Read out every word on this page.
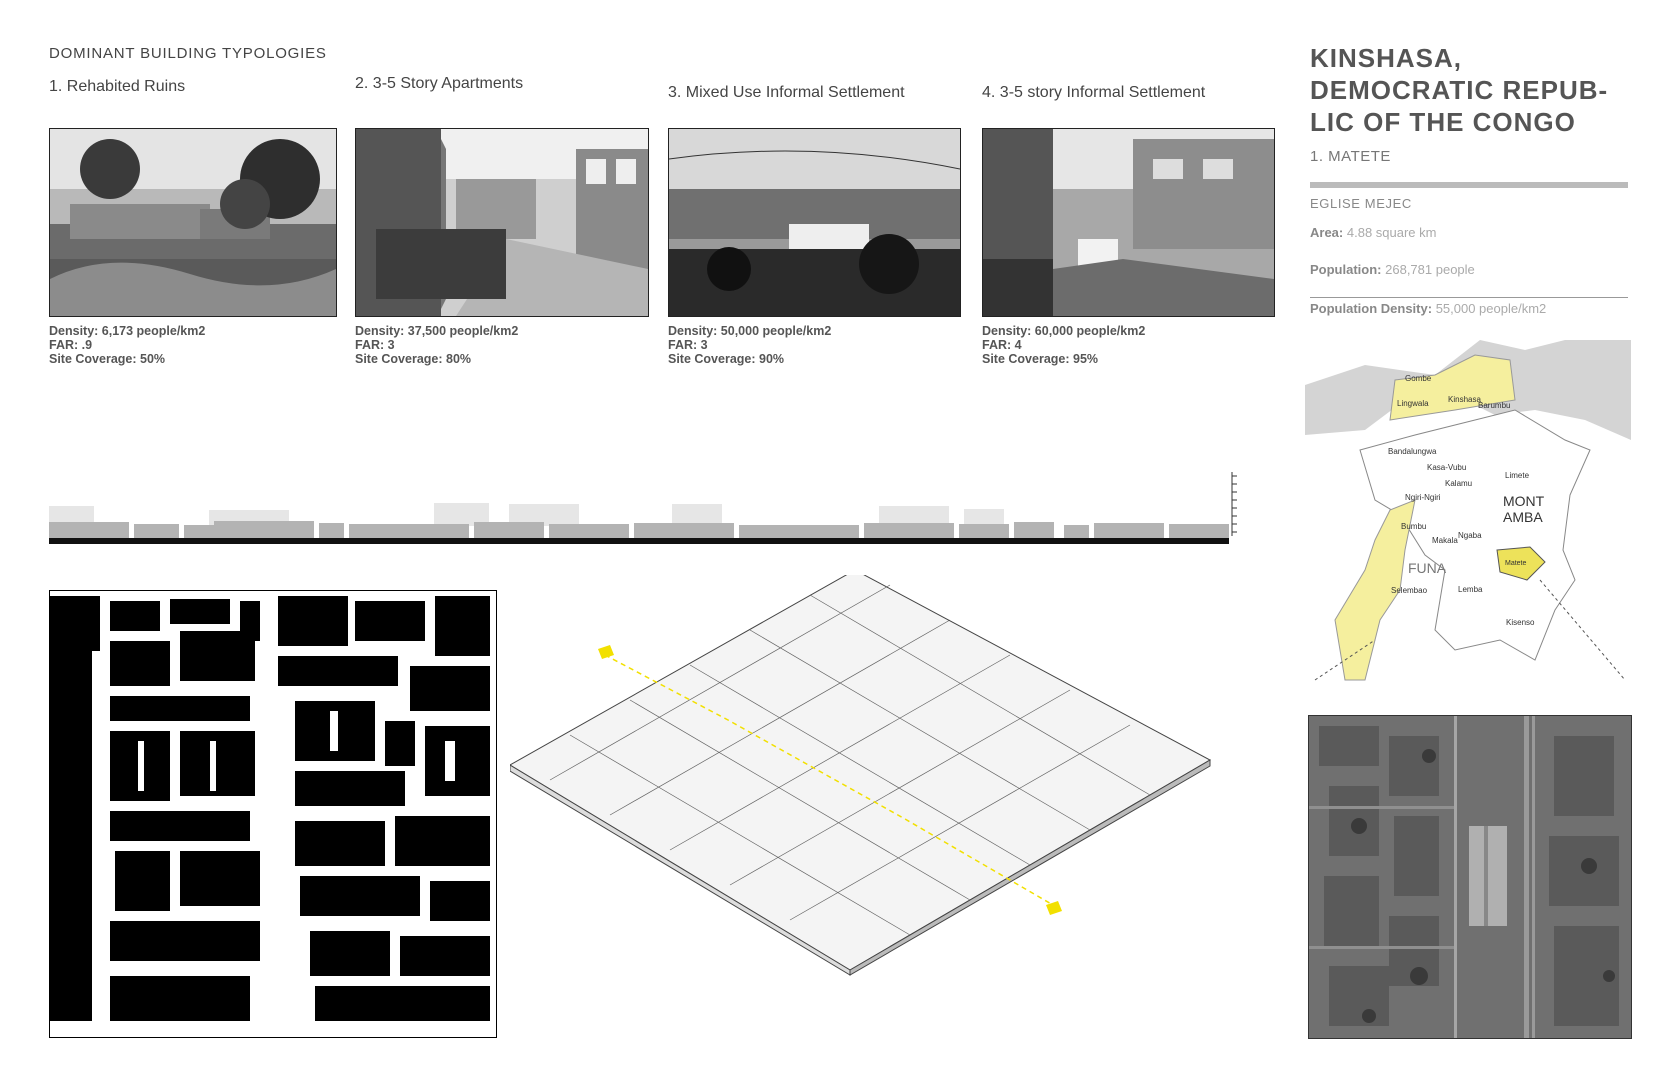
DOMINANT BUILDING TYPOLOGIES
1. Rehabited Ruins	2. 3-5 Story Apartments
3. Mixed Use Informal Settlement	4. 3-5 story Informal Settlement
Density: 6,173 people/km2
FAR: .9
Site Coverage: 50%
Density: 37,500 people/km2
FAR: 3
Site Coverage: 80%
Density: 50,000 people/km2
FAR: 3
Site Coverage: 90%
Density: 60,000 people/km2
FAR: 4
Site Coverage: 95%
KINSHASA,
DEMOCRATIC REPUB-
LIC OF THE CONGO
1. MATETE
EGLISE MEJEC
Area: 4.88 square km
Population: 268,781 people
Population Density: 55,000 people/km2
Gombe
Lingwala Kinshasa
Barumbu
Bandalungwa
Kasa-Vubu
Kalamu
Limete
Ngiri-Ngiri	MONT
AMBA
Bumbu
Makala
Ngaba
FUNA
Selembao
Matete
Lemba
Kisenso
